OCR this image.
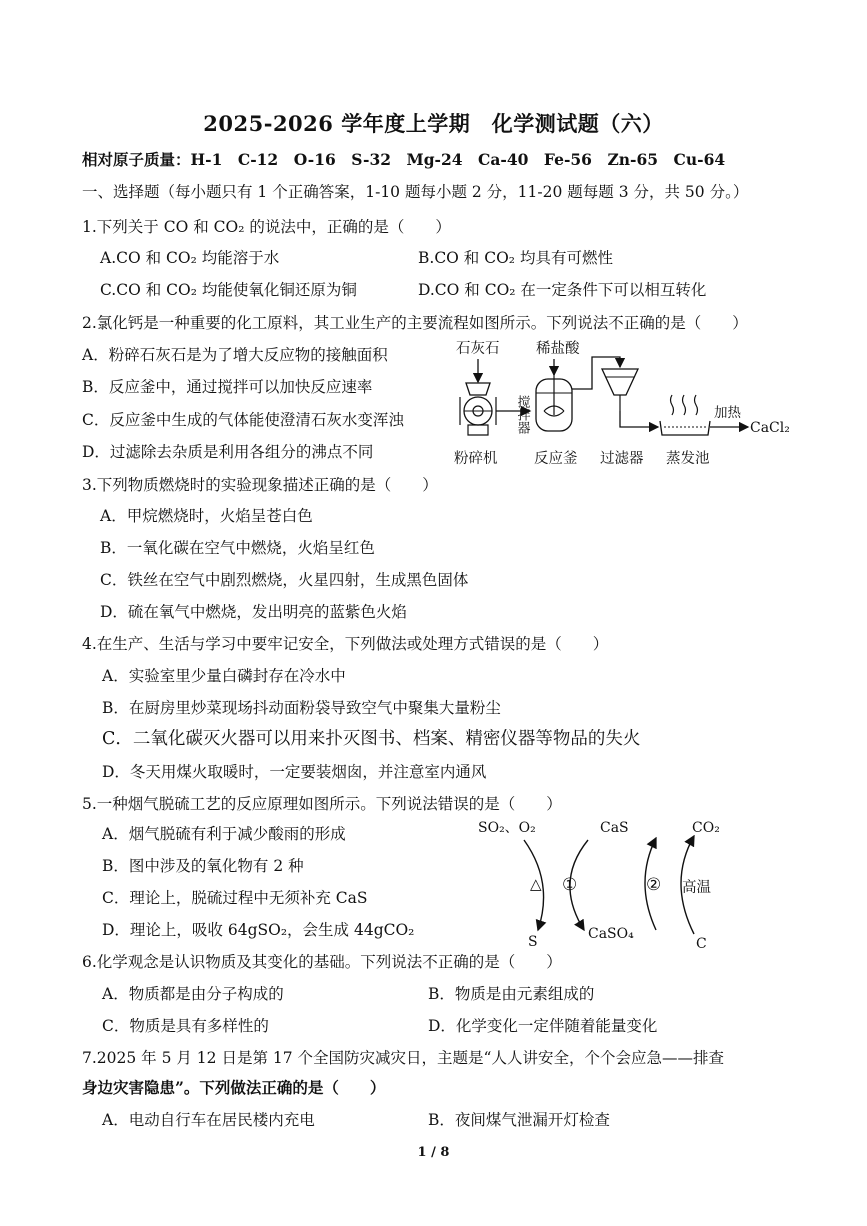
2025-2026 学年度上学期　化学测试题（六）
相对原子质量：H-1　C-12　O-16　S-32　Mg-24　Ca-40　Fe-56　Zn-65　Cu-64
一、选择题（每小题只有 1 个正确答案，1-10 题每小题 2 分，11-20 题每题 3 分，共 50 分。）
1.下列关于 CO 和 CO₂ 的说法中，正确的是（　　）
A.CO 和 CO₂ 均能溶于水	B.CO 和 CO₂ 均具有可燃性
C.CO 和 CO₂ 均能使氧化铜还原为铜	D.CO 和 CO₂ 在一定条件下可以相互转化
2.氯化钙是一种重要的化工原料，其工业生产的主要流程如图所示。下列说法不正确的是（　　）
A．粉碎石灰石是为了增大反应物的接触面积
B．反应釜中，通过搅拌可以加快反应速率
C．反应釜中生成的气体能使澄清石灰水变浑浊
D．过滤除去杂质是利用各组分的沸点不同
石灰石
搅拌器
稀盐酸
加热
CaCl₂
粉碎机	反应釜 过滤器 蒸发池
3.下列物质燃烧时的实验现象描述正确的是（　　）
A．甲烷燃烧时，火焰呈苍白色
B．一氧化碳在空气中燃烧，火焰呈红色
C．铁丝在空气中剧烈燃烧，火星四射，生成黑色固体
D．硫在氧气中燃烧，发出明亮的蓝紫色火焰
4.在生产、生活与学习中要牢记安全，下列做法或处理方式错误的是（　　）
A．实验室里少量白磷封存在冷水中
B．在厨房里炒菜现场抖动面粉袋导致空气中聚集大量粉尘
C．二氧化碳灭火器可以用来扑灭图书、档案、精密仪器等物品的失火
D．冬天用煤火取暖时，一定要装烟囱，并注意室内通风
5.一种烟气脱硫工艺的反应原理如图所示。下列说法错误的是（　　）
A．烟气脱硫有利于减少酸雨的形成
B．图中涉及的氧化物有 2 种
C．理论上，脱硫过程中无须补充 CaS
D．理论上，吸收 64gSO₂，会生成 44gCO₂
SO₂、O₂	CaS	CO₂
△ ①	② 高温
S	CaSO₄
C
6.化学观念是认识物质及其变化的基础。下列说法不正确的是（　　）
A．物质都是由分子构成的	B．物质是由元素组成的
C．物质是具有多样性的	D．化学变化一定伴随着能量变化
7.2025 年 5 月 12 日是第 17 个全国防灾减灾日，主题是“人人讲安全，个个会应急——排查
身边灾害隐患”。下列做法正确的是（　　）
A．电动自行车在居民楼内充电	B．夜间煤气泄漏开灯检查
1 / 8
